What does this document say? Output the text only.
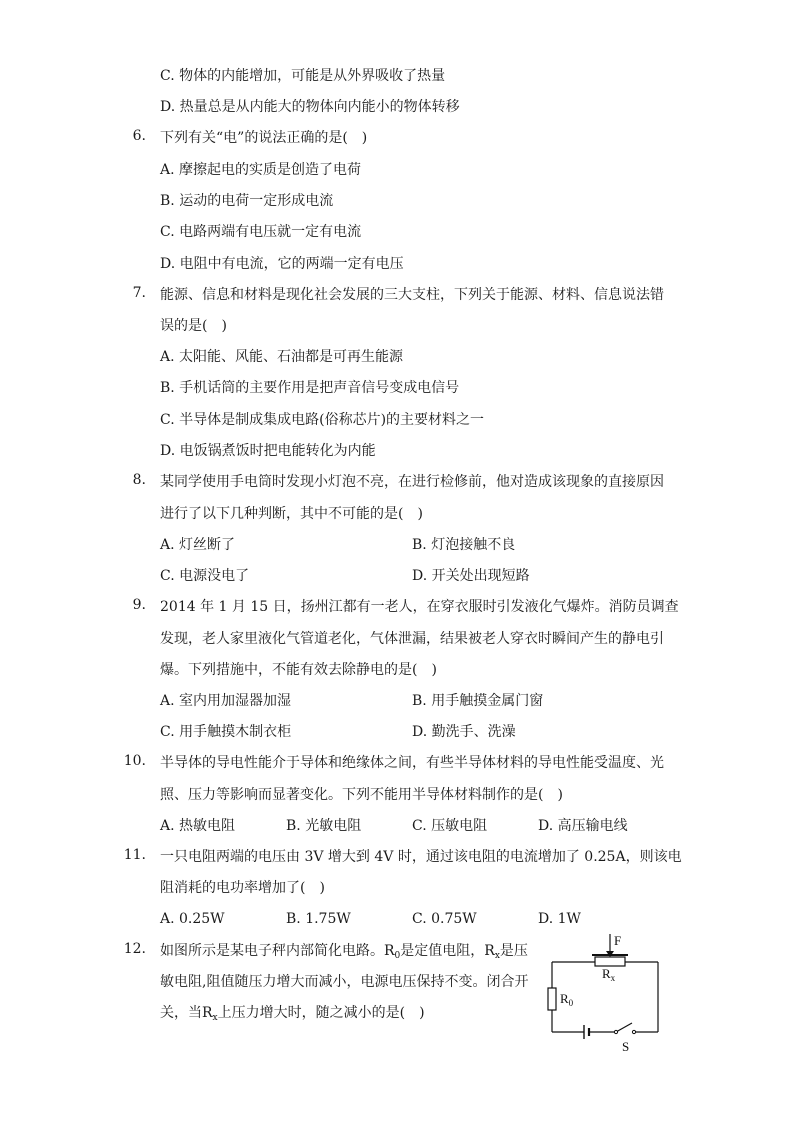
C. 物体的内能增加，可能是从外界吸收了热量
D. 热量总是从内能大的物体向内能小的物体转移
6. 下列有关“电”的说法正确的是(　)
A. 摩擦起电的实质是创造了电荷
B. 运动的电荷一定形成电流
C. 电路两端有电压就一定有电流
D. 电阻中有电流，它的两端一定有电压
7. 能源、信息和材料是现化社会发展的三大支柱，下列关于能源、材料、信息说法错
误的是(　)
A. 太阳能、风能、石油都是可再生能源
B. 手机话筒的主要作用是把声音信号变成电信号
C. 半导体是制成集成电路(俗称芯片)的主要材料之一
D. 电饭锅煮饭时把电能转化为内能
8. 某同学使用手电筒时发现小灯泡不亮，在进行检修前，他对造成该现象的直接原因
进行了以下几种判断，其中不可能的是(　)
A. 灯丝断了	B. 灯泡接触不良
C. 电源没电了	D. 开关处出现短路
9. 2014 年 1 月 15 日，扬州江都有一老人，在穿衣服时引发液化气爆炸。消防员调查
发现，老人家里液化气管道老化，气体泄漏，结果被老人穿衣时瞬间产生的静电引
爆。下列措施中，不能有效去除静电的是(　)
A. 室内用加湿器加湿	B. 用手触摸金属门窗
C. 用手触摸木制衣柜	D. 勤洗手、洗澡
10. 半导体的导电性能介于导体和绝缘体之间，有些半导体材料的导电性能受温度、光
照、压力等影响而显著变化。下列不能用半导体材料制作的是(　)
A. 热敏电阻	B. 光敏电阻	C. 压敏电阻	D. 高压输电线
11. 一只电阻两端的电压由 3V 增大到 4V 时，通过该电阻的电流增加了 0.25A，则该电
阻消耗的电功率增加了(　)
A. 0.25W	B. 1.75W	C. 0.75W	D. 1W
12. 如图所示是某电子秤内部简化电路。$R_0$是定值电阻，$R_x$是压
敏电阻,阻值随压力增大而减小，电源电压保持不变。闭合开
关，当$R_x$上压力增大时，随之减小的是(　)
F
$R_x$
$R_0$
S
